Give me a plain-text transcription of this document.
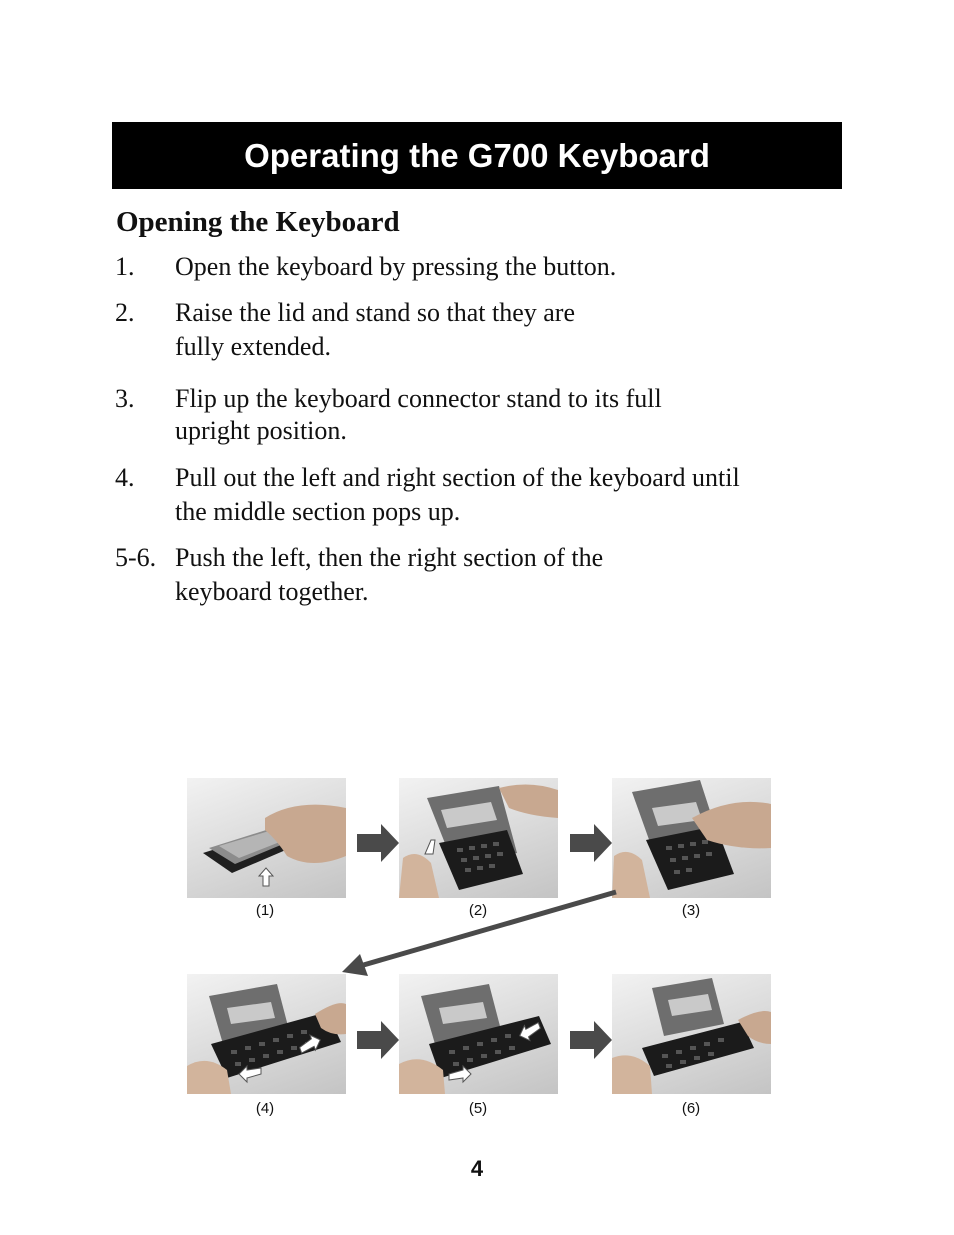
Operating the G700 Keyboard
Opening the Keyboard
1. Open the keyboard by pressing the button.
2. Raise the lid and stand so that they are
fully extended.
3. Flip up the keyboard connector stand to its full
upright position.
4. Pull out the left and right section of the keyboard until
the middle section pops up.
5-6. Push the left, then the right section of the
keyboard together.
(1)	(2)	(3)
(4)	(5)	(6)
4
